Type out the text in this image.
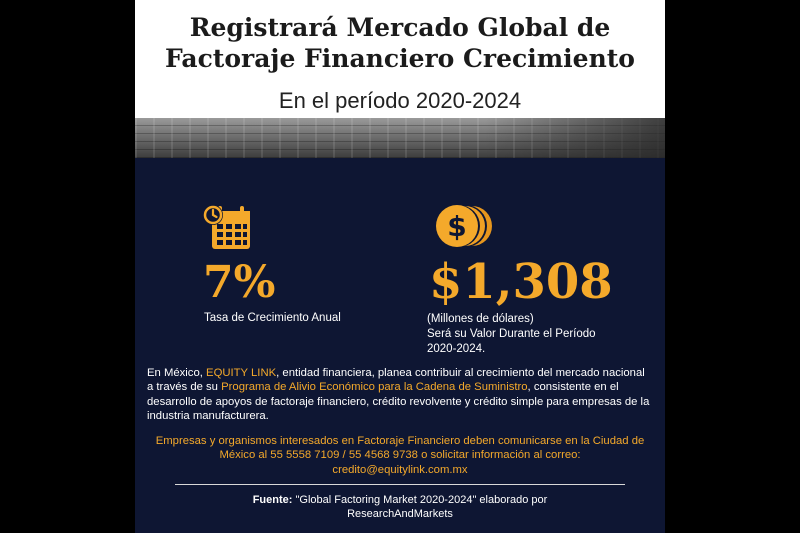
Registrará Mercado Global de
Factoraje Financiero Crecimiento
En el período 2020-2024
$
7%
Tasa de Crecimiento Anual
$1,308
(Millones de dólares)
Será su Valor Durante el Período
2020-2024.
En México, EQUITY LINK, entidad financiera, planea contribuir al crecimiento del mercado nacional a través de su Programa de Alivio Económico para la Cadena de Suministro, consistente en el desarrollo de apoyos de factoraje financiero, crédito revolvente y crédito simple para empresas de la industria manufacturera.
Empresas y organismos interesados en Factoraje Financiero deben comunicarse en la Ciudad de México al 55 5558 7109 / 55 4568 9738 o solicitar información al correo:
credito@equitylink.com.mx
Fuente: "Global Factoring Market 2020-2024" elaborado por
ResearchAndMarkets
